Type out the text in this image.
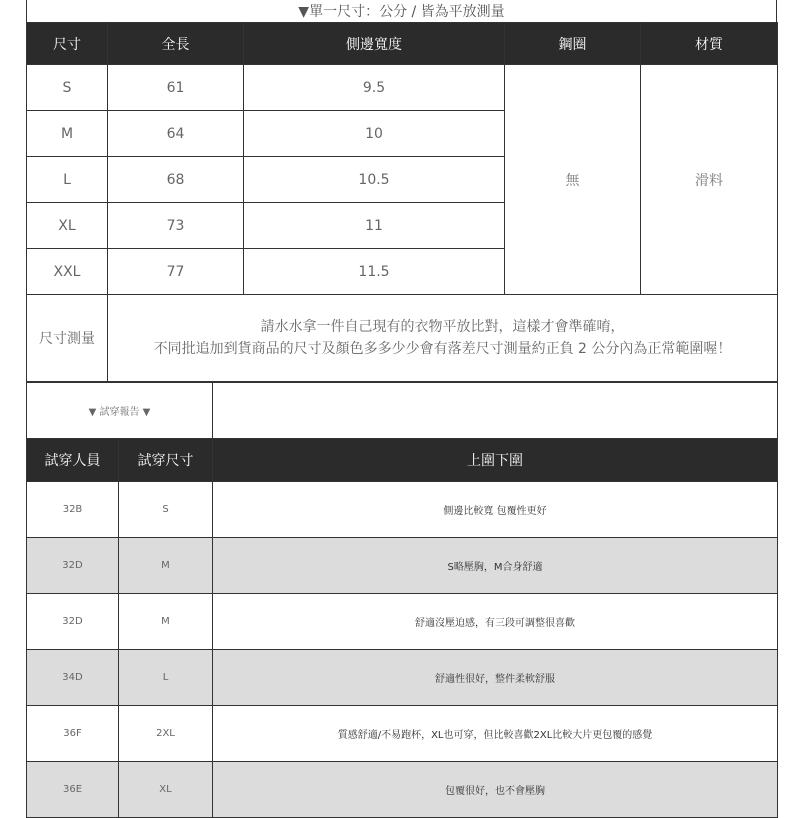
▼單一尺寸：公分 / 皆為平放測量
尺寸	全長	側邊寬度	鋼圈	材質
S	61	9.5	無	滑料
M	64	10		
L	68	10.5		
XL	73	11		
XXL	77	11.5		
尺寸測量	請水水拿一件自己現有的衣物平放比對，這樣才會準確唷，
不同批追加到貨商品的尺寸及顏色多多少少會有落差尺寸測量約正負 2 公分內為正常範圍喔！			
▼ 試穿報告 ▼		
試穿人員	試穿尺寸	上圍下圍
32B	S	側邊比較寬 包覆性更好
32D	M	S略壓胸，M合身舒適
32D	M	舒適沒壓迫感，有三段可調整很喜歡
34D	L	舒適性很好，整件柔軟舒服
36F	2XL	質感舒適/不易跑杯，XL也可穿，但比較喜歡2XL比較大片更包覆的感覺
36E	XL	包覆很好，也不會壓胸
